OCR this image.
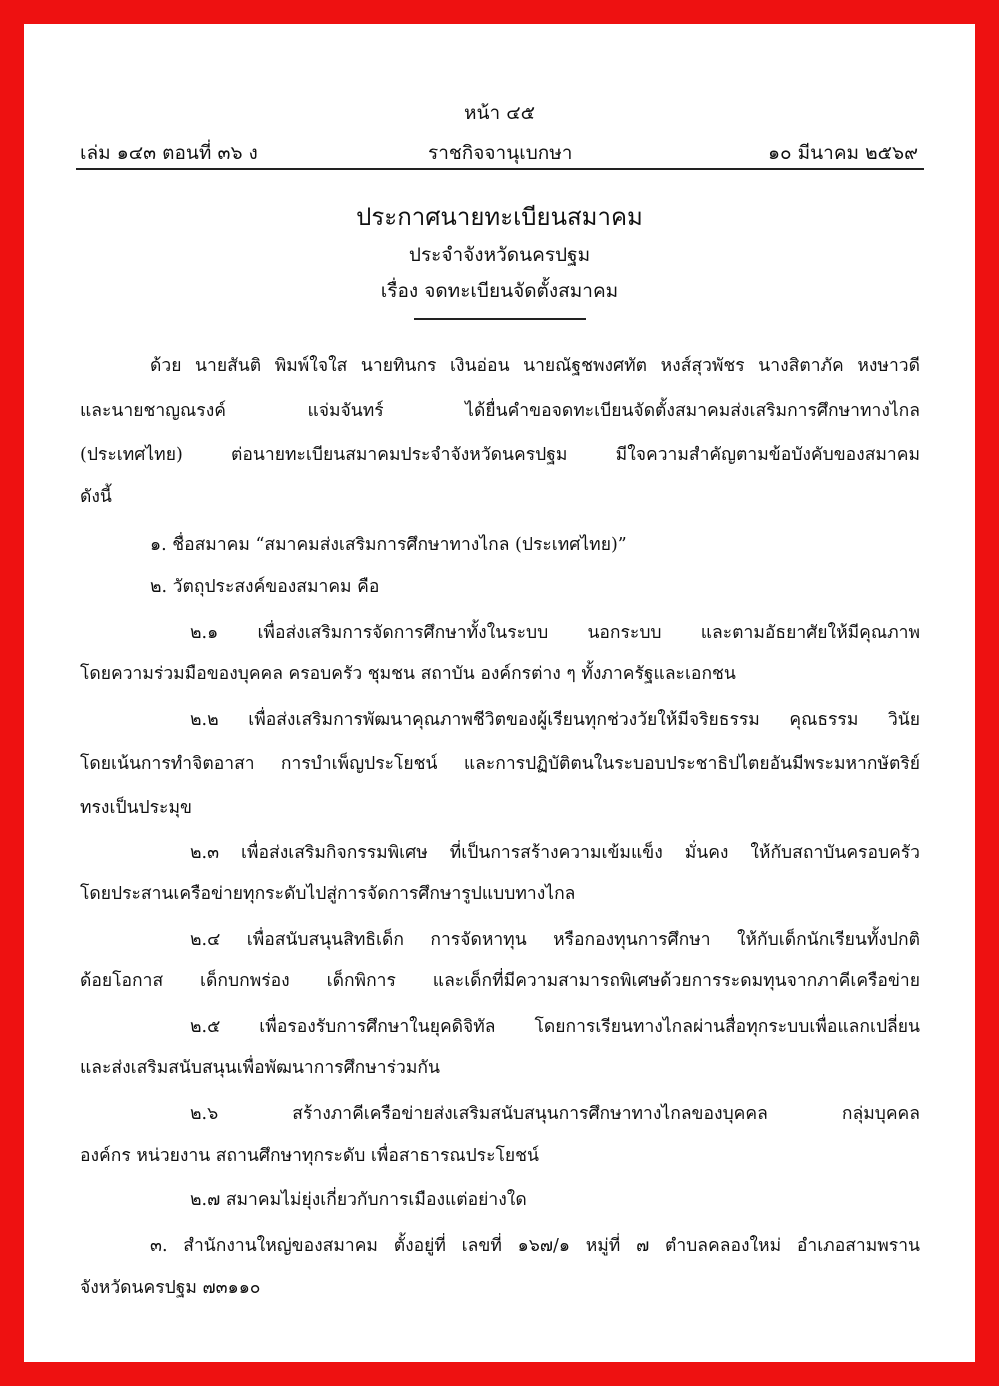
หน้า ๔๕
เล่ม ๑๔๓ ตอนที่ ๓๖ ง	ราชกิจจานุเบกษา	๑๐ มีนาคม ๒๕๖๙
ประกาศนายทะเบียนสมาคม
ประจำจังหวัดนครปฐม
เรื่อง จดทะเบียนจัดตั้งสมาคม
ด้วย นายสันติ พิมพ์ใจใส นายทินกร เงินอ่อน นายณัฐชพงศทัต หงส์สุวพัชร นางสิตาภัค หงษาวดี
และนายชาญณรงค์ แจ่มจันทร์ ได้ยื่นคำขอจดทะเบียนจัดตั้งสมาคมส่งเสริมการศึกษาทางไกล
(ประเทศไทย) ต่อนายทะเบียนสมาคมประจำจังหวัดนครปฐม มีใจความสำคัญตามข้อบังคับของสมาคม
ดังนี้
๑. ชื่อสมาคม “สมาคมส่งเสริมการศึกษาทางไกล (ประเทศไทย)”
๒. วัตถุประสงค์ของสมาคม คือ
๒.๑ เพื่อส่งเสริมการจัดการศึกษาทั้งในระบบ นอกระบบ และตามอัธยาศัยให้มีคุณภาพ
โดยความร่วมมือของบุคคล ครอบครัว ชุมชน สถาบัน องค์กรต่าง ๆ ทั้งภาครัฐและเอกชน
๒.๒ เพื่อส่งเสริมการพัฒนาคุณภาพชีวิตของผู้เรียนทุกช่วงวัยให้มีจริยธรรม คุณธรรม วินัย
โดยเน้นการทำจิตอาสา การบำเพ็ญประโยชน์ และการปฏิบัติตนในระบอบประชาธิปไตยอันมีพระมหากษัตริย์
ทรงเป็นประมุข
๒.๓ เพื่อส่งเสริมกิจกรรมพิเศษ ที่เป็นการสร้างความเข้มแข็ง มั่นคง ให้กับสถาบันครอบครัว
โดยประสานเครือข่ายทุกระดับไปสู่การจัดการศึกษารูปแบบทางไกล
๒.๔ เพื่อสนับสนุนสิทธิเด็ก การจัดหาทุน หรือกองทุนการศึกษา ให้กับเด็กนักเรียนทั้งปกติ
ด้อยโอกาส เด็กบกพร่อง เด็กพิการ และเด็กที่มีความสามารถพิเศษด้วยการระดมทุนจากภาคีเครือข่าย
๒.๕ เพื่อรองรับการศึกษาในยุคดิจิทัล โดยการเรียนทางไกลผ่านสื่อทุกระบบเพื่อแลกเปลี่ยน
และส่งเสริมสนับสนุนเพื่อพัฒนาการศึกษาร่วมกัน
๒.๖ สร้างภาคีเครือข่ายส่งเสริมสนับสนุนการศึกษาทางไกลของบุคคล กลุ่มบุคคล
องค์กร หน่วยงาน สถานศึกษาทุกระดับ เพื่อสาธารณประโยชน์
๒.๗ สมาคมไม่ยุ่งเกี่ยวกับการเมืองแต่อย่างใด
๓. สำนักงานใหญ่ของสมาคม ตั้งอยู่ที่ เลขที่ ๑๖๗/๑ หมู่ที่ ๗ ตำบลคลองใหม่ อำเภอสามพราน
จังหวัดนครปฐม ๗๓๑๑๐
